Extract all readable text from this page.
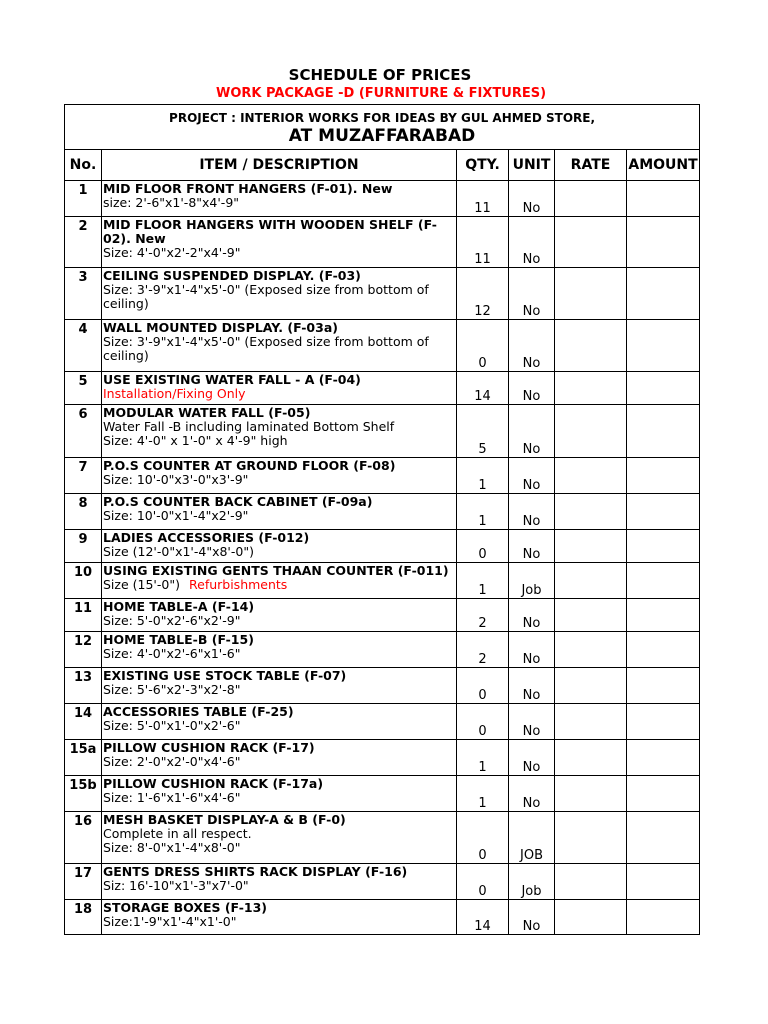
SCHEDULE OF PRICES
WORK PACKAGE -D (FURNITURE & FIXTURES)
PROJECT : INTERIOR WORKS FOR IDEAS BY GUL AHMED STORE,
AT MUZAFFARABAD					

No.	ITEM / DESCRIPTION	QTY.	UNIT	RATE	AMOUNT
1	MID FLOOR FRONT HANGERS (F-01). New
size: 2'-6"x1'-8"x4'-9"	11	No		
2	MID FLOOR HANGERS WITH WOODEN SHELF (F-02). New
Size: 4'-0"x2'-2"x4'-9"	11	No		
3	CEILING SUSPENDED DISPLAY. (F-03)
Size: 3'-9"x1'-4"x5'-0" (Exposed size from bottom of ceiling)	12	No		
4	WALL MOUNTED DISPLAY. (F-03a)
Size: 3'-9"x1'-4"x5'-0" (Exposed size from bottom of ceiling)	0	No		
5	USE EXISTING WATER FALL - A (F-04)
Installation/Fixing Only	14	No		
6	MODULAR WATER FALL (F-05)
Water Fall -B including laminated Bottom Shelf
Size: 4'-0" x 1'-0" x 4'-9" high	5	No		
7	P.O.S COUNTER AT GROUND FLOOR (F-08)
Size: 10'-0"x3'-0"x3'-9"	1	No		
8	P.O.S COUNTER BACK CABINET (F-09a)
Size: 10'-0"x1'-4"x2'-9"	1	No		
9	LADIES ACCESSORIES (F-012)
Size (12'-0"x1'-4"x8'-0")	0	No		
10	USING EXISTING GENTS THAAN COUNTER (F-011)
Size (15'-0") Refurbishments	1	Job		
11	HOME TABLE-A (F-14)
Size: 5'-0"x2'-6"x2'-9"	2	No		
12	HOME TABLE-B (F-15)
Size: 4'-0"x2'-6"x1'-6"	2	No		
13	EXISTING USE STOCK TABLE (F-07)
Size: 5'-6"x2'-3"x2'-8"	0	No		
14	ACCESSORIES TABLE (F-25)
Size: 5'-0"x1'-0"x2'-6"	0	No		
15a	PILLOW CUSHION RACK (F-17)
Size: 2'-0"x2'-0"x4'-6"	1	No		
15b	PILLOW CUSHION RACK (F-17a)
Size: 1'-6"x1'-6"x4'-6"	1	No		
16	MESH BASKET DISPLAY-A & B (F-0)
Complete in all respect.
Size: 8'-0"x1'-4"x8'-0"	0	JOB		
17	GENTS DRESS SHIRTS RACK DISPLAY (F-16)
Siz: 16'-10"x1'-3"x7'-0"	0	Job		
18	STORAGE BOXES (F-13)
Size:1'-9"x1'-4"x1'-0"	14	No		
